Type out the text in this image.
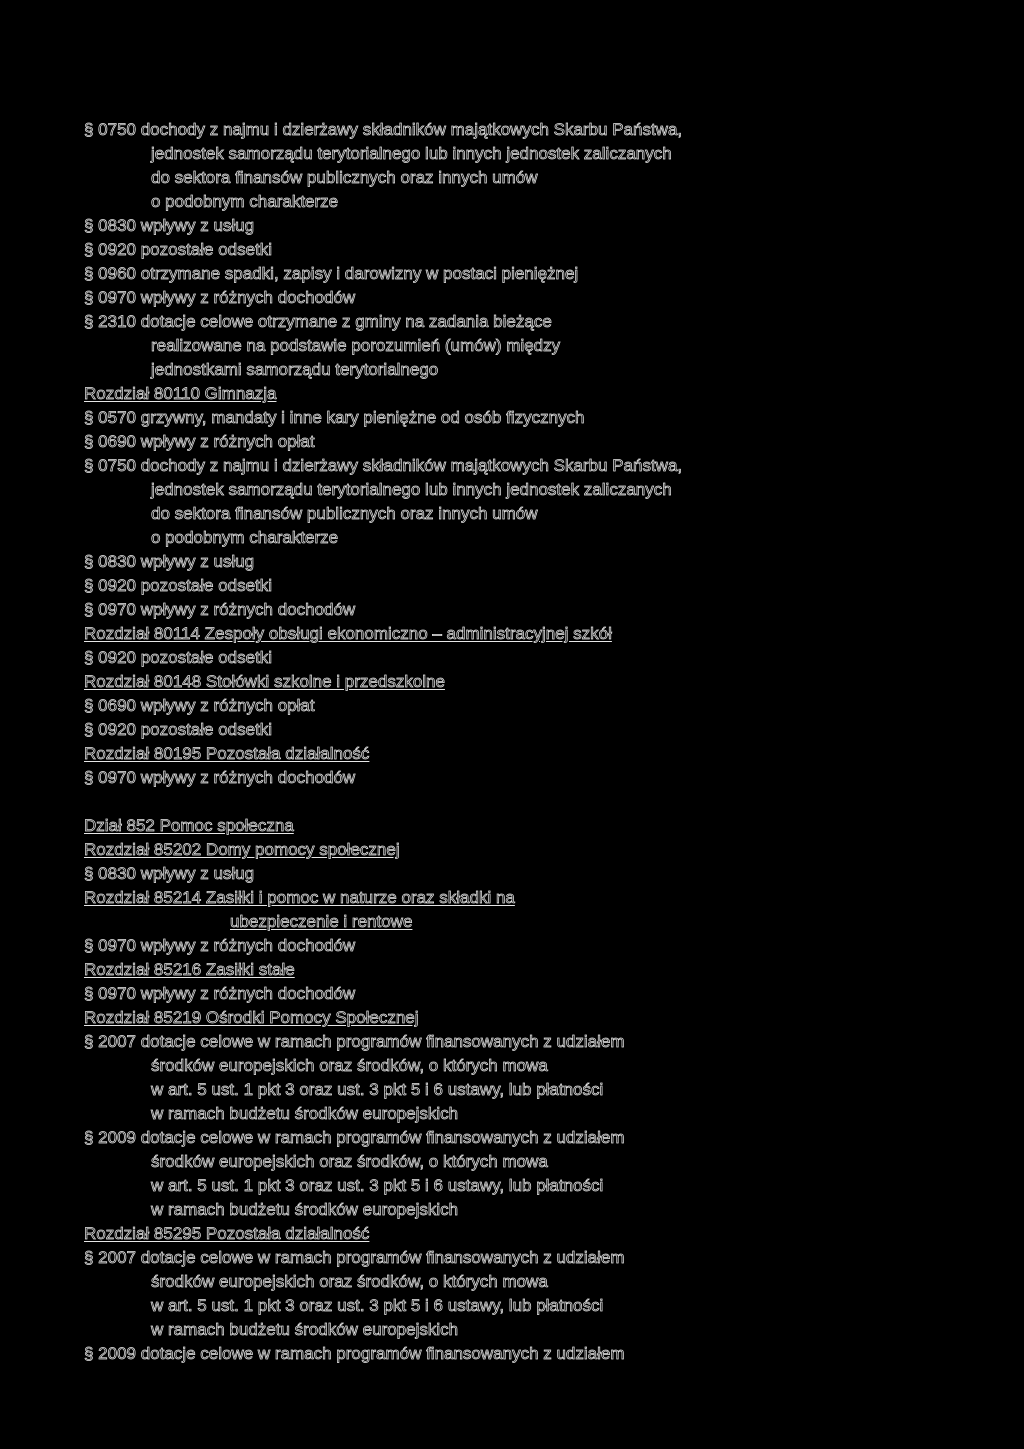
§ 0750 dochody z najmu i dzierżawy składników majątkowych Skarbu Państwa,
jednostek samorządu terytorialnego lub innych jednostek zaliczanych
do sektora finansów publicznych oraz innych umów
o podobnym charakterze
§ 0830 wpływy z usług
§ 0920 pozostałe odsetki
§ 0960 otrzymane spadki, zapisy i darowizny w postaci pieniężnej
§ 0970 wpływy z różnych dochodów
§ 2310 dotacje celowe otrzymane z gminy na zadania bieżące
realizowane na podstawie porozumień (umów) między
jednostkami samorządu terytorialnego
Rozdział 80110 Gimnazja
§ 0570 grzywny, mandaty i inne kary pieniężne od osób fizycznych
§ 0690 wpływy z różnych opłat
§ 0750 dochody z najmu i dzierżawy składników majątkowych Skarbu Państwa,
jednostek samorządu terytorialnego lub innych jednostek zaliczanych
do sektora finansów publicznych oraz innych umów
o podobnym charakterze
§ 0830 wpływy z usług
§ 0920 pozostałe odsetki
§ 0970 wpływy z różnych dochodów
Rozdział 80114 Zespoły obsługi ekonomiczno – administracyjnej szkół
§ 0920 pozostałe odsetki
Rozdział 80148 Stołówki szkolne i przedszkolne
§ 0690 wpływy z różnych opłat
§ 0920 pozostałe odsetki
Rozdział 80195 Pozostała działalność
§ 0970 wpływy z różnych dochodów
Dział 852 Pomoc społeczna
Rozdział 85202 Domy pomocy społecznej
§ 0830 wpływy z usług
Rozdział 85214 Zasiłki i pomoc w naturze oraz składki na
ubezpieczenie i rentowe
§ 0970 wpływy z różnych dochodów
Rozdział 85216 Zasiłki stałe
§ 0970 wpływy z różnych dochodów
Rozdział 85219 Ośrodki Pomocy Społecznej
§ 2007 dotacje celowe w ramach programów finansowanych z udziałem
środków europejskich oraz środków, o których mowa
w art. 5 ust. 1 pkt 3 oraz ust. 3 pkt 5 i 6 ustawy, lub płatności
w ramach budżetu środków europejskich
§ 2009 dotacje celowe w ramach programów finansowanych z udziałem
środków europejskich oraz środków, o których mowa
w art. 5 ust. 1 pkt 3 oraz ust. 3 pkt 5 i 6 ustawy, lub płatności
w ramach budżetu środków europejskich
Rozdział 85295 Pozostała działalność
§ 2007 dotacje celowe w ramach programów finansowanych z udziałem
środków europejskich oraz środków, o których mowa
w art. 5 ust. 1 pkt 3 oraz ust. 3 pkt 5 i 6 ustawy, lub płatności
w ramach budżetu środków europejskich
§ 2009 dotacje celowe w ramach programów finansowanych z udziałem
